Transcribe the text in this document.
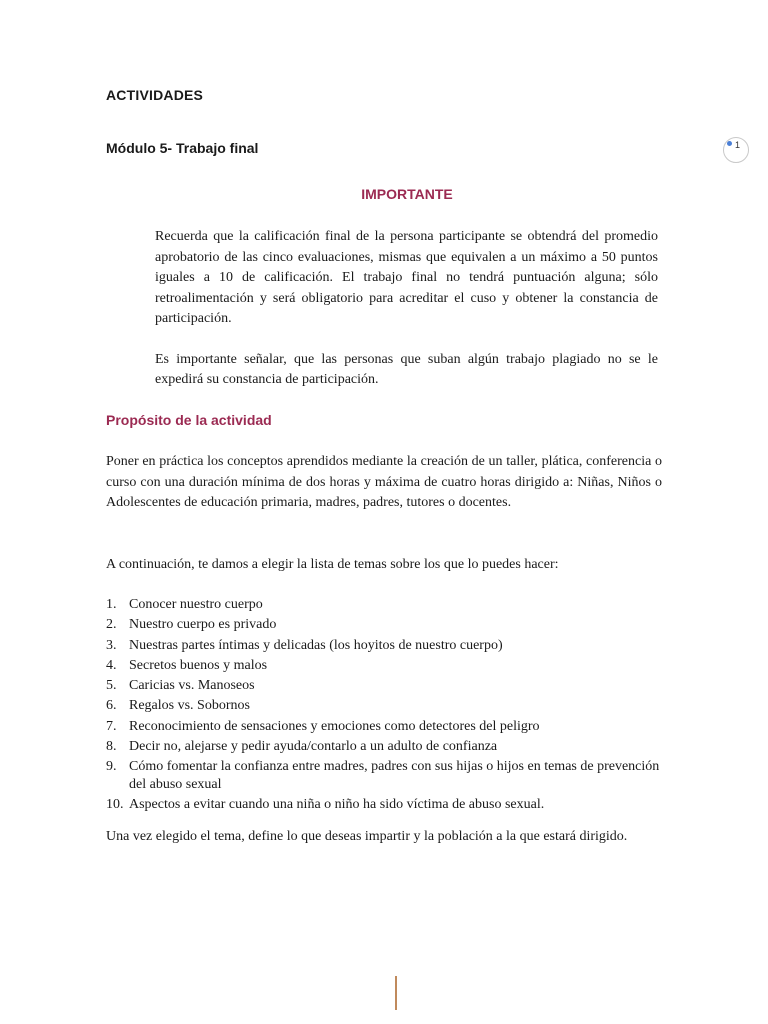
ACTIVIDADES
Módulo 5- Trabajo final	1
IMPORTANTE

Recuerda que la calificación final de la persona participante se obtendrá del promedio aprobatorio de las cinco evaluaciones, mismas que equivalen a un máximo a 50 puntos iguales a 10 de calificación. El trabajo final no tendrá puntuación alguna; sólo retroalimentación y será obligatorio para acreditar el cuso y obtener la constancia de participación.

Es importante señalar, que las personas que suban algún trabajo plagiado no se le expedirá su constancia de participación.

Propósito de la actividad

Poner en práctica los conceptos aprendidos mediante la creación de un taller, plática, conferencia o curso con una duración mínima de dos horas y máxima de cuatro horas dirigido a: Niñas, Niños o Adolescentes de educación primaria, madres, padres, tutores o docentes.

A continuación, te damos a elegir la lista de temas sobre los que lo puedes hacer:

1. Conocer nuestro cuerpo
2. Nuestro cuerpo es privado
3. Nuestras partes íntimas y delicadas (los hoyitos de nuestro cuerpo)
4. Secretos buenos y malos
5. Caricias vs. Manoseos
6. Regalos vs. Sobornos
7. Reconocimiento de sensaciones y emociones como detectores del peligro
8. Decir no, alejarse y pedir ayuda/contarlo a un adulto de confianza
9. Cómo fomentar la confianza entre madres, padres con sus hijas o hijos en temas de prevención del abuso sexual
10. Aspectos a evitar cuando una niña o niño ha sido víctima de abuso sexual.

Una vez elegido el tema, define lo que deseas impartir y la población a la que estará dirigido.
